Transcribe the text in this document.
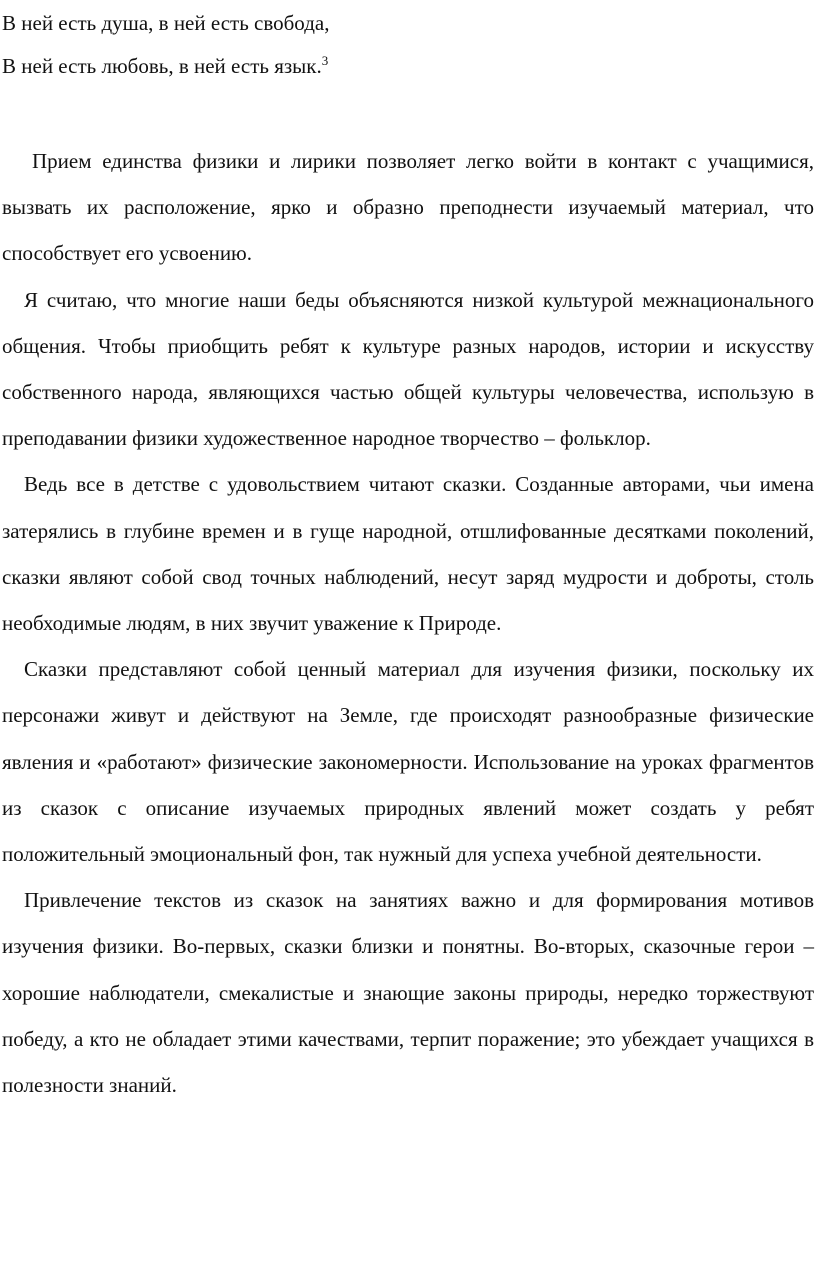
В ней есть душа, в ней есть свобода,
В ней есть любовь, в ней есть язык.$^3$

Прием единства физики и лирики позволяет легко войти в контакт с учащимися, вызвать их расположение, ярко и образно преподнести изучаемый материал, что способствует его усвоению.

Я считаю, что многие наши беды объясняются низкой культурой межнационального общения. Чтобы приобщить ребят к культуре разных народов, истории и искусству собственного народа, являющихся частью общей культуры человечества, использую в преподавании физики художественное народное творчество – фольклор.

Ведь все в детстве с удовольствием читают сказки. Созданные авторами, чьи имена затерялись в глубине времен и в гуще народной, отшлифованные десятками поколений, сказки являют собой свод точных наблюдений, несут заряд мудрости и доброты, столь необходимые людям, в них звучит уважение к Природе.

Сказки представляют собой ценный материал для изучения физики, поскольку их персонажи живут и действуют на Земле, где происходят разнообразные физические явления и «работают» физические закономерности. Использование на уроках фрагментов из сказок с описание изучаемых природных явлений может создать у ребят положительный эмоциональный фон, так нужный для успеха учебной деятельности.

Привлечение текстов из сказок на занятиях важно и для формирования мотивов изучения физики. Во-первых, сказки близки и понятны. Во-вторых, сказочные герои – хорошие наблюдатели, смекалистые и знающие законы природы, нередко торжествуют победу, а кто не обладает этими качествами, терпит поражение; это убеждает учащихся в полезности знаний.
